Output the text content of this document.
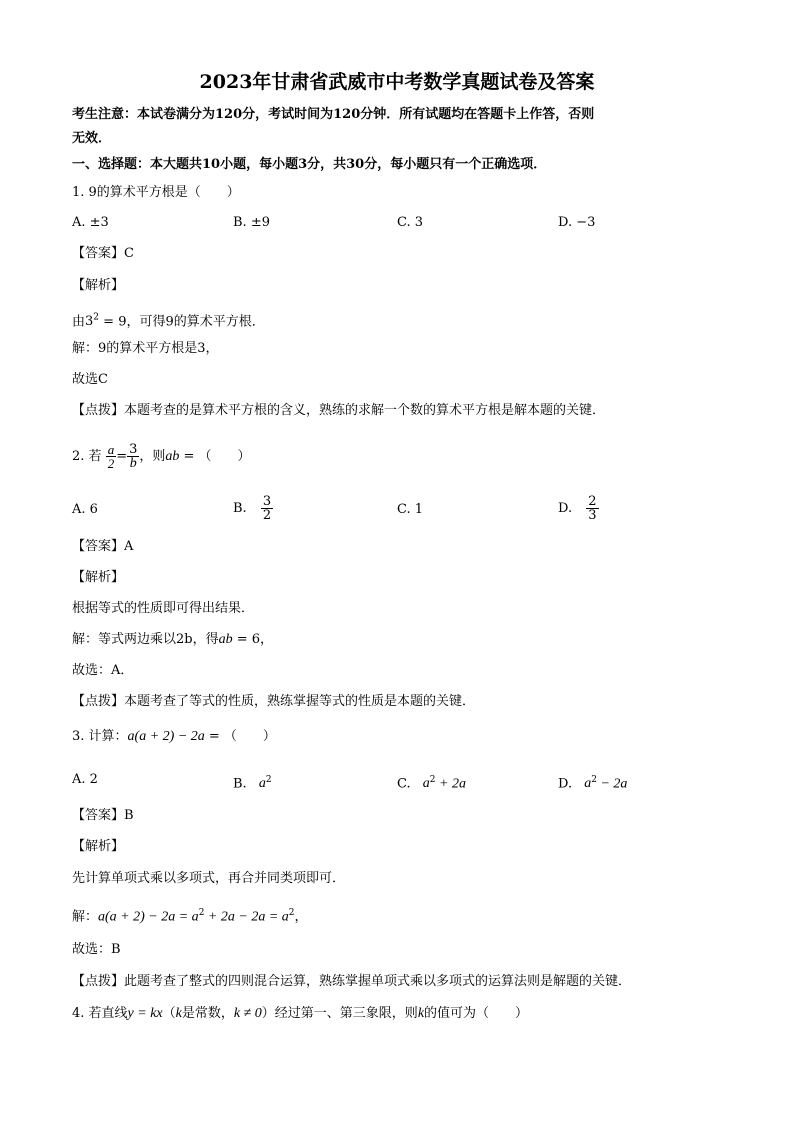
2023年甘肃省武威市中考数学真题试卷及答案
考生注意：本试卷满分为120分，考试时间为120分钟．所有试题均在答题卡上作答，否则
无效．
一、选择题：本大题共10小题，每小题3分，共30分，每小题只有一个正确选项．
1. 9的算术平方根是（　　）
A. ±3	B. ±9	C. 3	D. −3
【答案】C
【解析】
由$3^2 = 9$，可得9的算术平方根．
解：9的算术平方根是3，
故选C
【点拨】本题考查的是算术平方根的含义，熟练的求解一个数的算术平方根是解本题的关键．
2. 若 $\frac{a}{2} = \frac{3}{b}$ ，则ab = （　　）
A. 6	B. $\frac{3}{2}$	C. 1	D. $\frac{2}{3}$
【答案】A
【解析】
根据等式的性质即可得出结果．
解：等式两边乘以2b，得ab = 6，
故选：A．
【点拨】本题考查了等式的性质，熟练掌握等式的性质是本题的关键．
3. 计算：a(a + 2) − 2a = （　　）
A. 2	B. $a^2$	C. $a^2 + 2a$	D. $a^2 - 2a$
【答案】B
【解析】
先计算单项式乘以多项式，再合并同类项即可．
解：$a(a + 2) - 2a = a^2 + 2a - 2a = a^2$，
故选：B
【点拨】此题考查了整式的四则混合运算，熟练掌握单项式乘以多项式的运算法则是解题的关键．
4. 若直线y = kx（k是常数，k ≠ 0）经过第一、第三象限，则k的值可为（　　）
